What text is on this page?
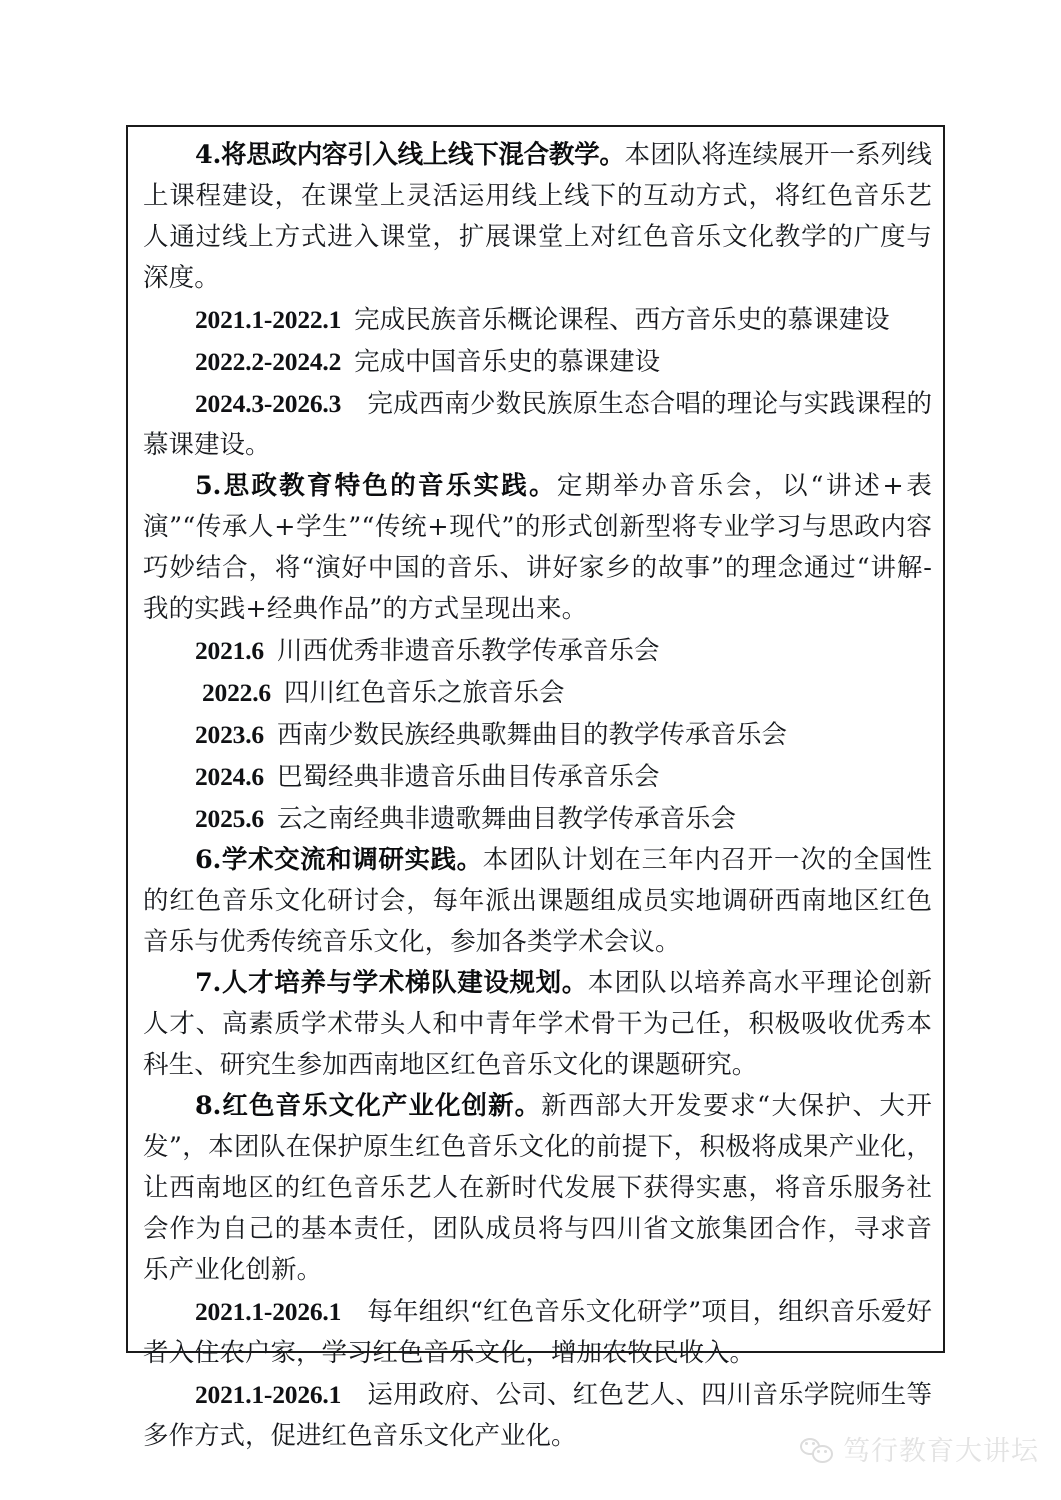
4.将思政内容引入线上线下混合教学。本团队将连续展开一系列线上课程建设，在课堂上灵活运用线上线下的互动方式，将红色音乐艺人通过线上方式进入课堂，扩展课堂上对红色音乐文化教学的广度与深度。

2021.1-2022.1 完成民族音乐概论课程、西方音乐史的慕课建设

2022.2-2024.2 完成中国音乐史的慕课建设

2024.3-2026.3 完成西南少数民族原生态合唱的理论与实践课程的慕课建设。

5.思政教育特色的音乐实践。定期举办音乐会，以“讲述+表演”“传承人+学生”“传统+现代”的形式创新型将专业学习与思政内容巧妙结合，将“演好中国的音乐、讲好家乡的故事”的理念通过“讲解-我的实践+经典作品”的方式呈现出来。

2021.6 川西优秀非遗音乐教学传承音乐会

2022.6 四川红色音乐之旅音乐会

2023.6 西南少数民族经典歌舞曲目的教学传承音乐会

2024.6 巴蜀经典非遗音乐曲目传承音乐会

2025.6 云之南经典非遗歌舞曲目教学传承音乐会

6.学术交流和调研实践。本团队计划在三年内召开一次的全国性的红色音乐文化研讨会，每年派出课题组成员实地调研西南地区红色音乐与优秀传统音乐文化，参加各类学术会议。

7.人才培养与学术梯队建设规划。本团队以培养高水平理论创新人才、高素质学术带头人和中青年学术骨干为己任，积极吸收优秀本科生、研究生参加西南地区红色音乐文化的课题研究。

8.红色音乐文化产业化创新。新西部大开发要求“大保护、大开发”，本团队在保护原生红色音乐文化的前提下，积极将成果产业化，让西南地区的红色音乐艺人在新时代发展下获得实惠，将音乐服务社会作为自己的基本责任，团队成员将与四川省文旅集团合作，寻求音乐产业化创新。

2021.1-2026.1 每年组织“红色音乐文化研学”项目，组织音乐爱好者入住农户家，学习红色音乐文化，增加农牧民收入。

2021.1-2026.1 运用政府、公司、红色艺人、四川音乐学院师生等多作方式，促进红色音乐文化产业化。	笃行教育大讲坛
